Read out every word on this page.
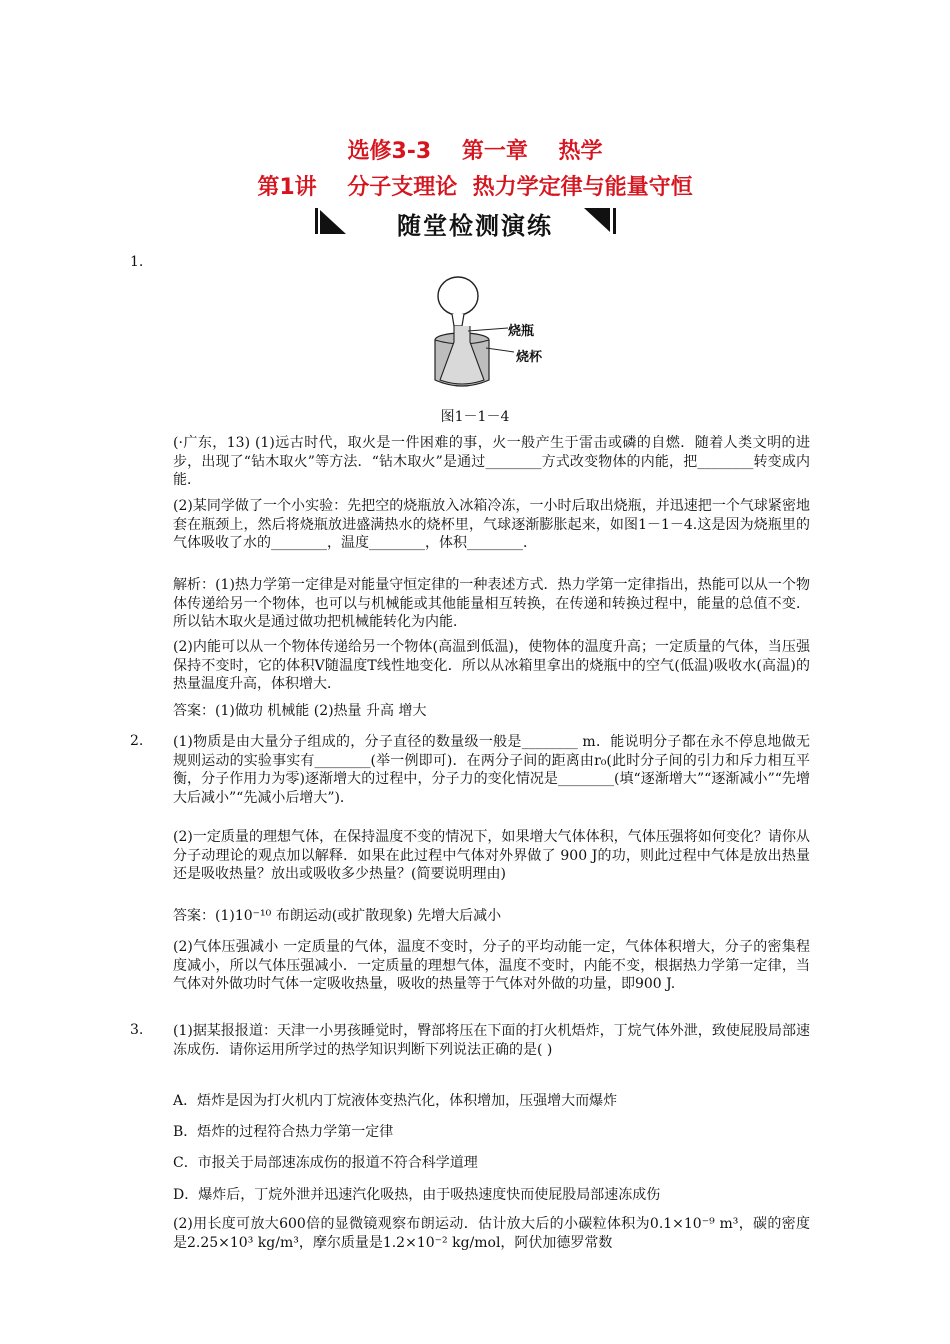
选修3-3    第一章    热学
第1讲    分子支理论  热力学定律与能量守恒
随堂检测演练
1.
烧瓶
烧杯
图1－1－4
(·广东，13) (1)远古时代，取火是一件困难的事，火一般产生于雷击或磷的自燃．随着人类文明的进步，出现了“钻木取火”等方法．“钻木取火”是通过________方式改变物体的内能，把________转变成内能．
(2)某同学做了一个小实验：先把空的烧瓶放入冰箱冷冻，一小时后取出烧瓶，并迅速把一个气球紧密地套在瓶颈上，然后将烧瓶放进盛满热水的烧杯里，气球逐渐膨胀起来，如图1－1－4.这是因为烧瓶里的气体吸收了水的________，温度________，体积________．
解析：(1)热力学第一定律是对能量守恒定律的一种表述方式．热力学第一定律指出，热能可以从一个物体传递给另一个物体，也可以与机械能或其他能量相互转换，在传递和转换过程中，能量的总值不变．所以钻木取火是通过做功把机械能转化为内能．
(2)内能可以从一个物体传递给另一个物体(高温到低温)，使物体的温度升高；一定质量的气体，当压强保持不变时，它的体积V随温度T线性地变化．所以从冰箱里拿出的烧瓶中的空气(低温)吸收水(高温)的热量温度升高，体积增大．
答案：(1)做功 机械能 (2)热量 升高 增大
2. (1)物质是由大量分子组成的，分子直径的数量级一般是________ m．能说明分子都在永不停息地做无规则运动的实验事实有________(举一例即可)．在两分子间的距离由r₀(此时分子间的引力和斥力相互平衡，分子作用力为零)逐渐增大的过程中，分子力的变化情况是________(填“逐渐增大”“逐渐减小”“先增大后减小”“先减小后增大”)．
(2)一定质量的理想气体，在保持温度不变的情况下，如果增大气体体积，气体压强将如何变化？请你从分子动理论的观点加以解释．如果在此过程中气体对外界做了 900 J的功，则此过程中气体是放出热量还是吸收热量？放出或吸收多少热量？(简要说明理由)
答案：(1)10⁻¹⁰ 布朗运动(或扩散现象) 先增大后减小
(2)气体压强减小 一定质量的气体，温度不变时，分子的平均动能一定，气体体积增大，分子的密集程度减小，所以气体压强减小．一定质量的理想气体，温度不变时，内能不变，根据热力学第一定律，当气体对外做功时气体一定吸收热量，吸收的热量等于气体对外做的功量，即900 J.
3. (1)据某报报道：天津一小男孩睡觉时，臀部将压在下面的打火机焐炸，丁烷气体外泄，致使屁股局部速冻成伤．请你运用所学过的热学知识判断下列说法正确的是( )
A．焐炸是因为打火机内丁烷液体变热汽化，体积增加，压强增大而爆炸
B．焐炸的过程符合热力学第一定律
C．市报关于局部速冻成伤的报道不符合科学道理
D．爆炸后，丁烷外泄并迅速汽化吸热，由于吸热速度快而使屁股局部速冻成伤
(2)用长度可放大600倍的显微镜观察布朗运动．估计放大后的小碳粒体积为0.1×10⁻⁹ m³，碳的密度是2.25×10³ kg/m³，摩尔质量是1.2×10⁻² kg/mol，阿伏加德罗常数
